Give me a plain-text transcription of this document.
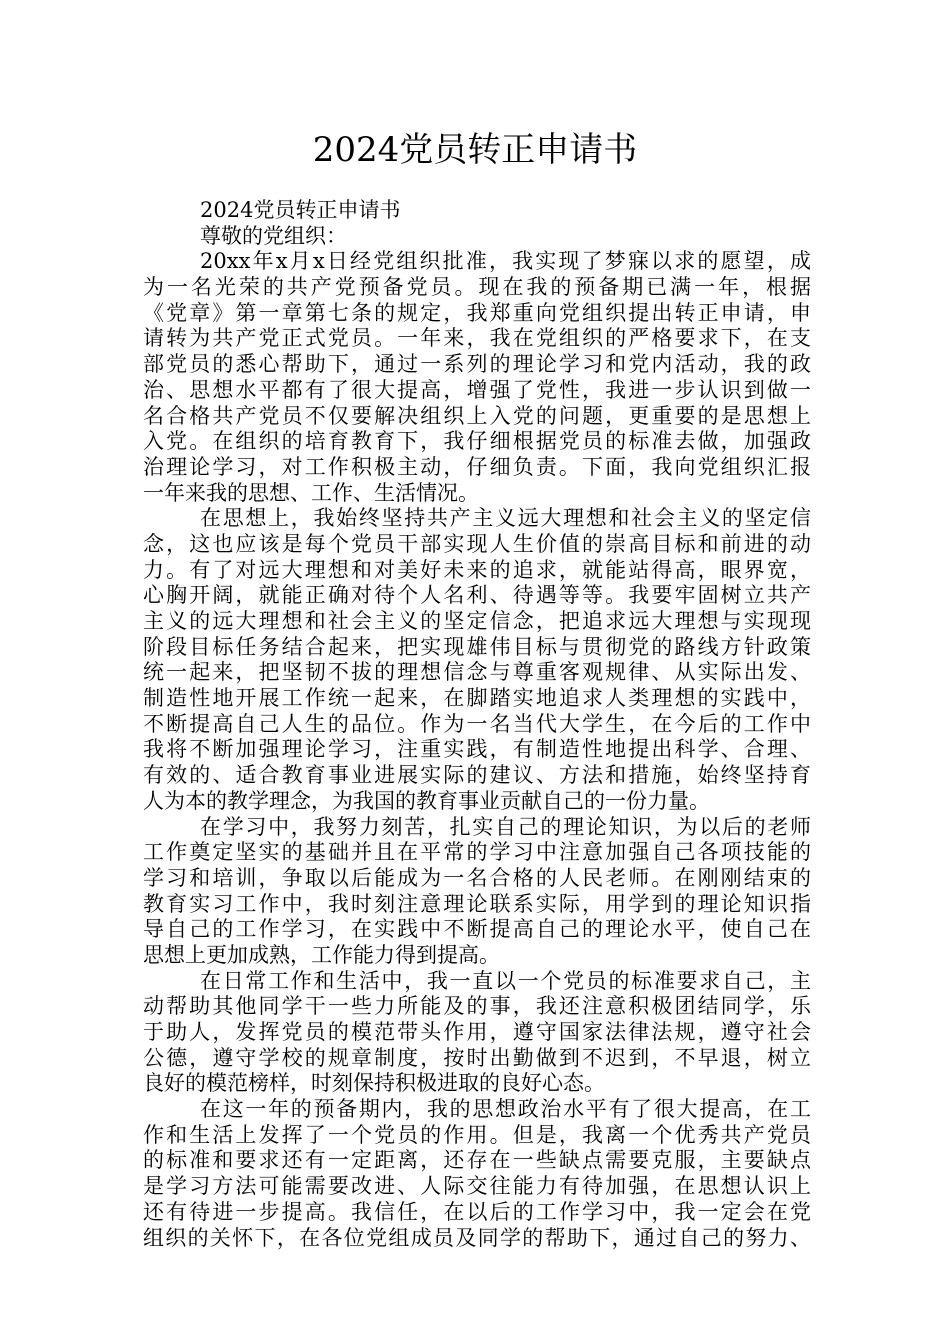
2024党员转正申请书
2024党员转正申请书
尊敬的党组织：
20xx年x月x日经党组织批准，我实现了梦寐以求的愿望，成
为一名光荣的共产党预备党员。现在我的预备期已满一年，根据
《党章》第一章第七条的规定，我郑重向党组织提出转正申请，申
请转为共产党正式党员。一年来，我在党组织的严格要求下，在支
部党员的悉心帮助下，通过一系列的理论学习和党内活动，我的政
治、思想水平都有了很大提高，增强了党性，我进一步认识到做一
名合格共产党员不仅要解决组织上入党的问题，更重要的是思想上
入党。在组织的培育教育下，我仔细根据党员的标准去做，加强政
治理论学习，对工作积极主动，仔细负责。下面，我向党组织汇报
一年来我的思想、工作、生活情况。
在思想上，我始终坚持共产主义远大理想和社会主义的坚定信
念，这也应该是每个党员干部实现人生价值的崇高目标和前进的动
力。有了对远大理想和对美好未来的追求，就能站得高，眼界宽，
心胸开阔，就能正确对待个人名利、待遇等等。我要牢固树立共产
主义的远大理想和社会主义的坚定信念，把追求远大理想与实现现
阶段目标任务结合起来，把实现雄伟目标与贯彻党的路线方针政策
统一起来，把坚韧不拔的理想信念与尊重客观规律、从实际出发、
制造性地开展工作统一起来，在脚踏实地追求人类理想的实践中，
不断提高自己人生的品位。作为一名当代大学生，在今后的工作中
我将不断加强理论学习，注重实践，有制造性地提出科学、合理、
有效的、适合教育事业进展实际的建议、方法和措施，始终坚持育
人为本的教学理念，为我国的教育事业贡献自己的一份力量。
在学习中，我努力刻苦，扎实自己的理论知识，为以后的老师
工作奠定坚实的基础并且在平常的学习中注意加强自己各项技能的
学习和培训，争取以后能成为一名合格的人民老师。在刚刚结束的
教育实习工作中，我时刻注意理论联系实际，用学到的理论知识指
导自己的工作学习，在实践中不断提高自己的理论水平，使自己在
思想上更加成熟，工作能力得到提高。
在日常工作和生活中，我一直以一个党员的标准要求自己，主
动帮助其他同学干一些力所能及的事，我还注意积极团结同学，乐
于助人，发挥党员的模范带头作用，遵守国家法律法规，遵守社会
公德，遵守学校的规章制度，按时出勤做到不迟到，不早退，树立
良好的模范榜样，时刻保持积极进取的良好心态。
在这一年的预备期内，我的思想政治水平有了很大提高，在工
作和生活上发挥了一个党员的作用。但是，我离一个优秀共产党员
的标准和要求还有一定距离，还存在一些缺点需要克服，主要缺点
是学习方法可能需要改进、人际交往能力有待加强，在思想认识上
还有待进一步提高。我信任，在以后的工作学习中，我一定会在党
组织的关怀下，在各位党组成员及同学的帮助下，通过自己的努力、
